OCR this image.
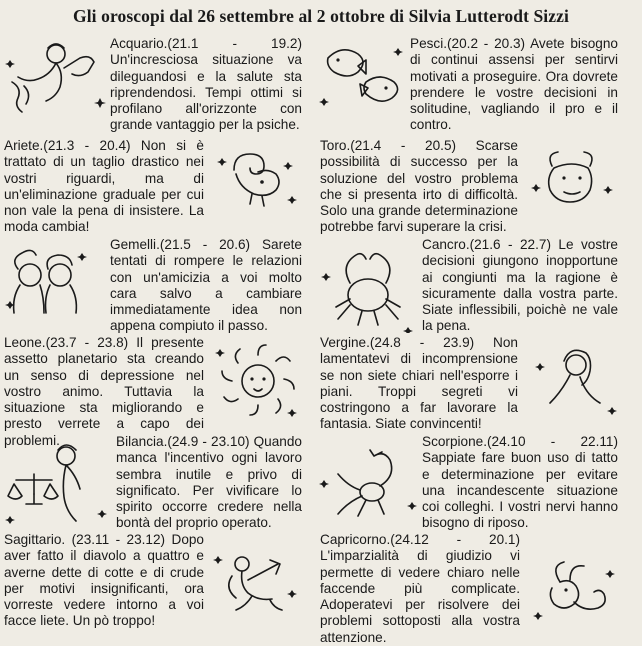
Gli oroscopi dal 26 settembre al 2 ottobre di Silvia Lutterodt Sizzi
Acquario.(21.1 - 19.2) Un'incresciosa situazione va dileguandosi e la salute sta riprendendosi. Tempi ottimi si profilano all'orizzonte con grande vantaggio per la psiche.
Ariete.(21.3 - 20.4) Non si è trattato di un taglio drastico nei vostri riguardi, ma di un'eliminazione graduale per cui non vale la pena di insistere. La moda cambia!
Gemelli.(21.5 - 20.6) Sarete tentati di rompere le relazioni con un'amicizia a voi molto cara salvo a cambiare immediatamente idea non appena compiuto il passo.
Leone.(23.7 - 23.8) Il presente assetto planetario sta creando un senso di depressione nel vostro animo. Tuttavia la situazione sta migliorando e presto verrete a capo dei problemi.	Bilancia.(24.9 - 23.10) Quando manca l'incentivo ogni lavoro sembra inutile e privo di significato. Per vivificare lo spirito occorre credere nella bontà del proprio operato.
Sagittario. (23.11 - 23.12) Dopo aver fatto il diavolo a quattro e averne dette di cotte e di crude per motivi insignificanti, ora vorreste vedere intorno a voi facce liete. Un pò troppo!
Pesci.(20.2 - 20.3) Avete bisogno di continui assensi per sentirvi motivati a proseguire. Ora dovrete prendere le vostre decisioni in solitudine, vagliando il pro e il contro.
Toro.(21.4 - 20.5) Scarse possibilità di successo per la soluzione del vostro problema che si presenta irto di difficoltà. Solo una grande determinazione potrebbe farvi superare la crisi.
Cancro.(21.6 - 22.7) Le vostre decisioni giungono inopportune ai congiunti ma la ragione è sicuramente dalla vostra parte. Siate inflessibili, poichè ne vale la pena.
Vergine.(24.8 - 23.9) Non lamentatevi di incomprensione se non siete chiari nell'esporre i piani. Troppi segreti vi costringono a far lavorare la fantasia. Siate convincenti!
Scorpione.(24.10 - 22.11) Sappiate fare buon uso di tatto e determinazione per evitare una incandescente situazione coi colleghi. I vostri nervi hanno bisogno di riposo.
Capricorno.(24.12 - 20.1) L'imparzialità di giudizio vi permette di vedere chiaro nelle faccende più complicate. Adoperatevi per risolvere dei problemi sottoposti alla vostra attenzione.
